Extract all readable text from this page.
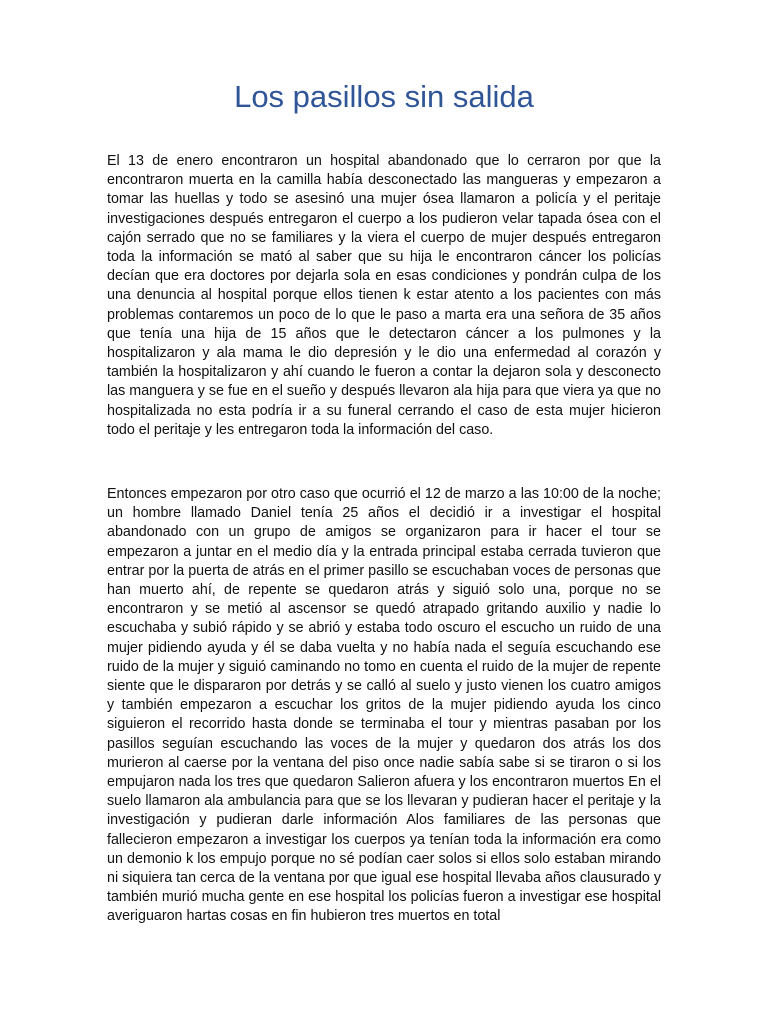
Los pasillos sin salida

El 13 de enero encontraron un hospital abandonado que lo cerraron por que la encontraron muerta en la camilla había desconectado las mangueras y empezaron a tomar las huellas y todo se asesinó una mujer ósea llamaron a policía y el peritaje investigaciones después entregaron el cuerpo a los pudieron velar tapada ósea con el cajón serrado que no se familiares y la viera el cuerpo de mujer después entregaron toda la información se mató al saber que su hija le encontraron cáncer los policías decían que era doctores por dejarla sola en esas condiciones y pondrán culpa de los una denuncia al hospital porque ellos tienen k estar atento a los pacientes con más problemas contaremos un poco de lo que le paso a marta era una señora de 35 años que tenía una hija de 15 años que le detectaron cáncer a los pulmones y la hospitalizaron y ala mama le dio depresión y le dio una enfermedad al corazón y también la hospitalizaron y ahí cuando le fueron a contar la dejaron sola y desconecto las manguera y se fue en el sueño y después llevaron ala hija para que viera ya que no hospitalizada no esta podría ir a su funeral cerrando el caso de esta mujer hicieron todo el peritaje y les entregaron toda la información del caso.

Entonces empezaron por otro caso que ocurrió el 12 de marzo a las 10:00 de la noche; un hombre llamado Daniel tenía 25 años el decidió ir a investigar el hospital abandonado con un grupo de amigos se organizaron para ir hacer el tour se empezaron a juntar en el medio día y la entrada principal estaba cerrada tuvieron que entrar por la puerta de atrás en el primer pasillo se escuchaban voces de personas que han muerto ahí, de repente se quedaron atrás y siguió solo una, porque no se encontraron y se metió al ascensor se quedó atrapado gritando auxilio y nadie lo escuchaba y subió rápido y se abrió y estaba todo oscuro el escucho un ruido de una mujer pidiendo ayuda y él se daba vuelta y no había nada el seguía escuchando ese ruido de la mujer y siguió caminando no tomo en cuenta el ruido de la mujer de repente siente que le dispararon por detrás y se calló al suelo y justo vienen los cuatro amigos y también empezaron a escuchar los gritos de la mujer pidiendo ayuda los cinco siguieron el recorrido hasta donde se terminaba el tour y mientras pasaban por los pasillos seguían escuchando las voces de la mujer y quedaron dos atrás los dos murieron al caerse por la ventana del piso once nadie sabía sabe si se tiraron o si los empujaron nada los tres que quedaron Salieron afuera y los encontraron muertos En el suelo llamaron ala ambulancia para que se los llevaran y pudieran hacer el peritaje y la investigación y pudieran darle información Alos familiares de las personas que fallecieron empezaron a investigar los cuerpos ya tenían toda la información era como un demonio k los empujo porque no sé podían caer solos si ellos solo estaban mirando ni siquiera tan cerca de la ventana por que igual ese hospital llevaba años clausurado y también murió mucha gente en ese hospital los policías fueron a investigar ese hospital averiguaron hartas cosas en fin hubieron tres muertos en total
